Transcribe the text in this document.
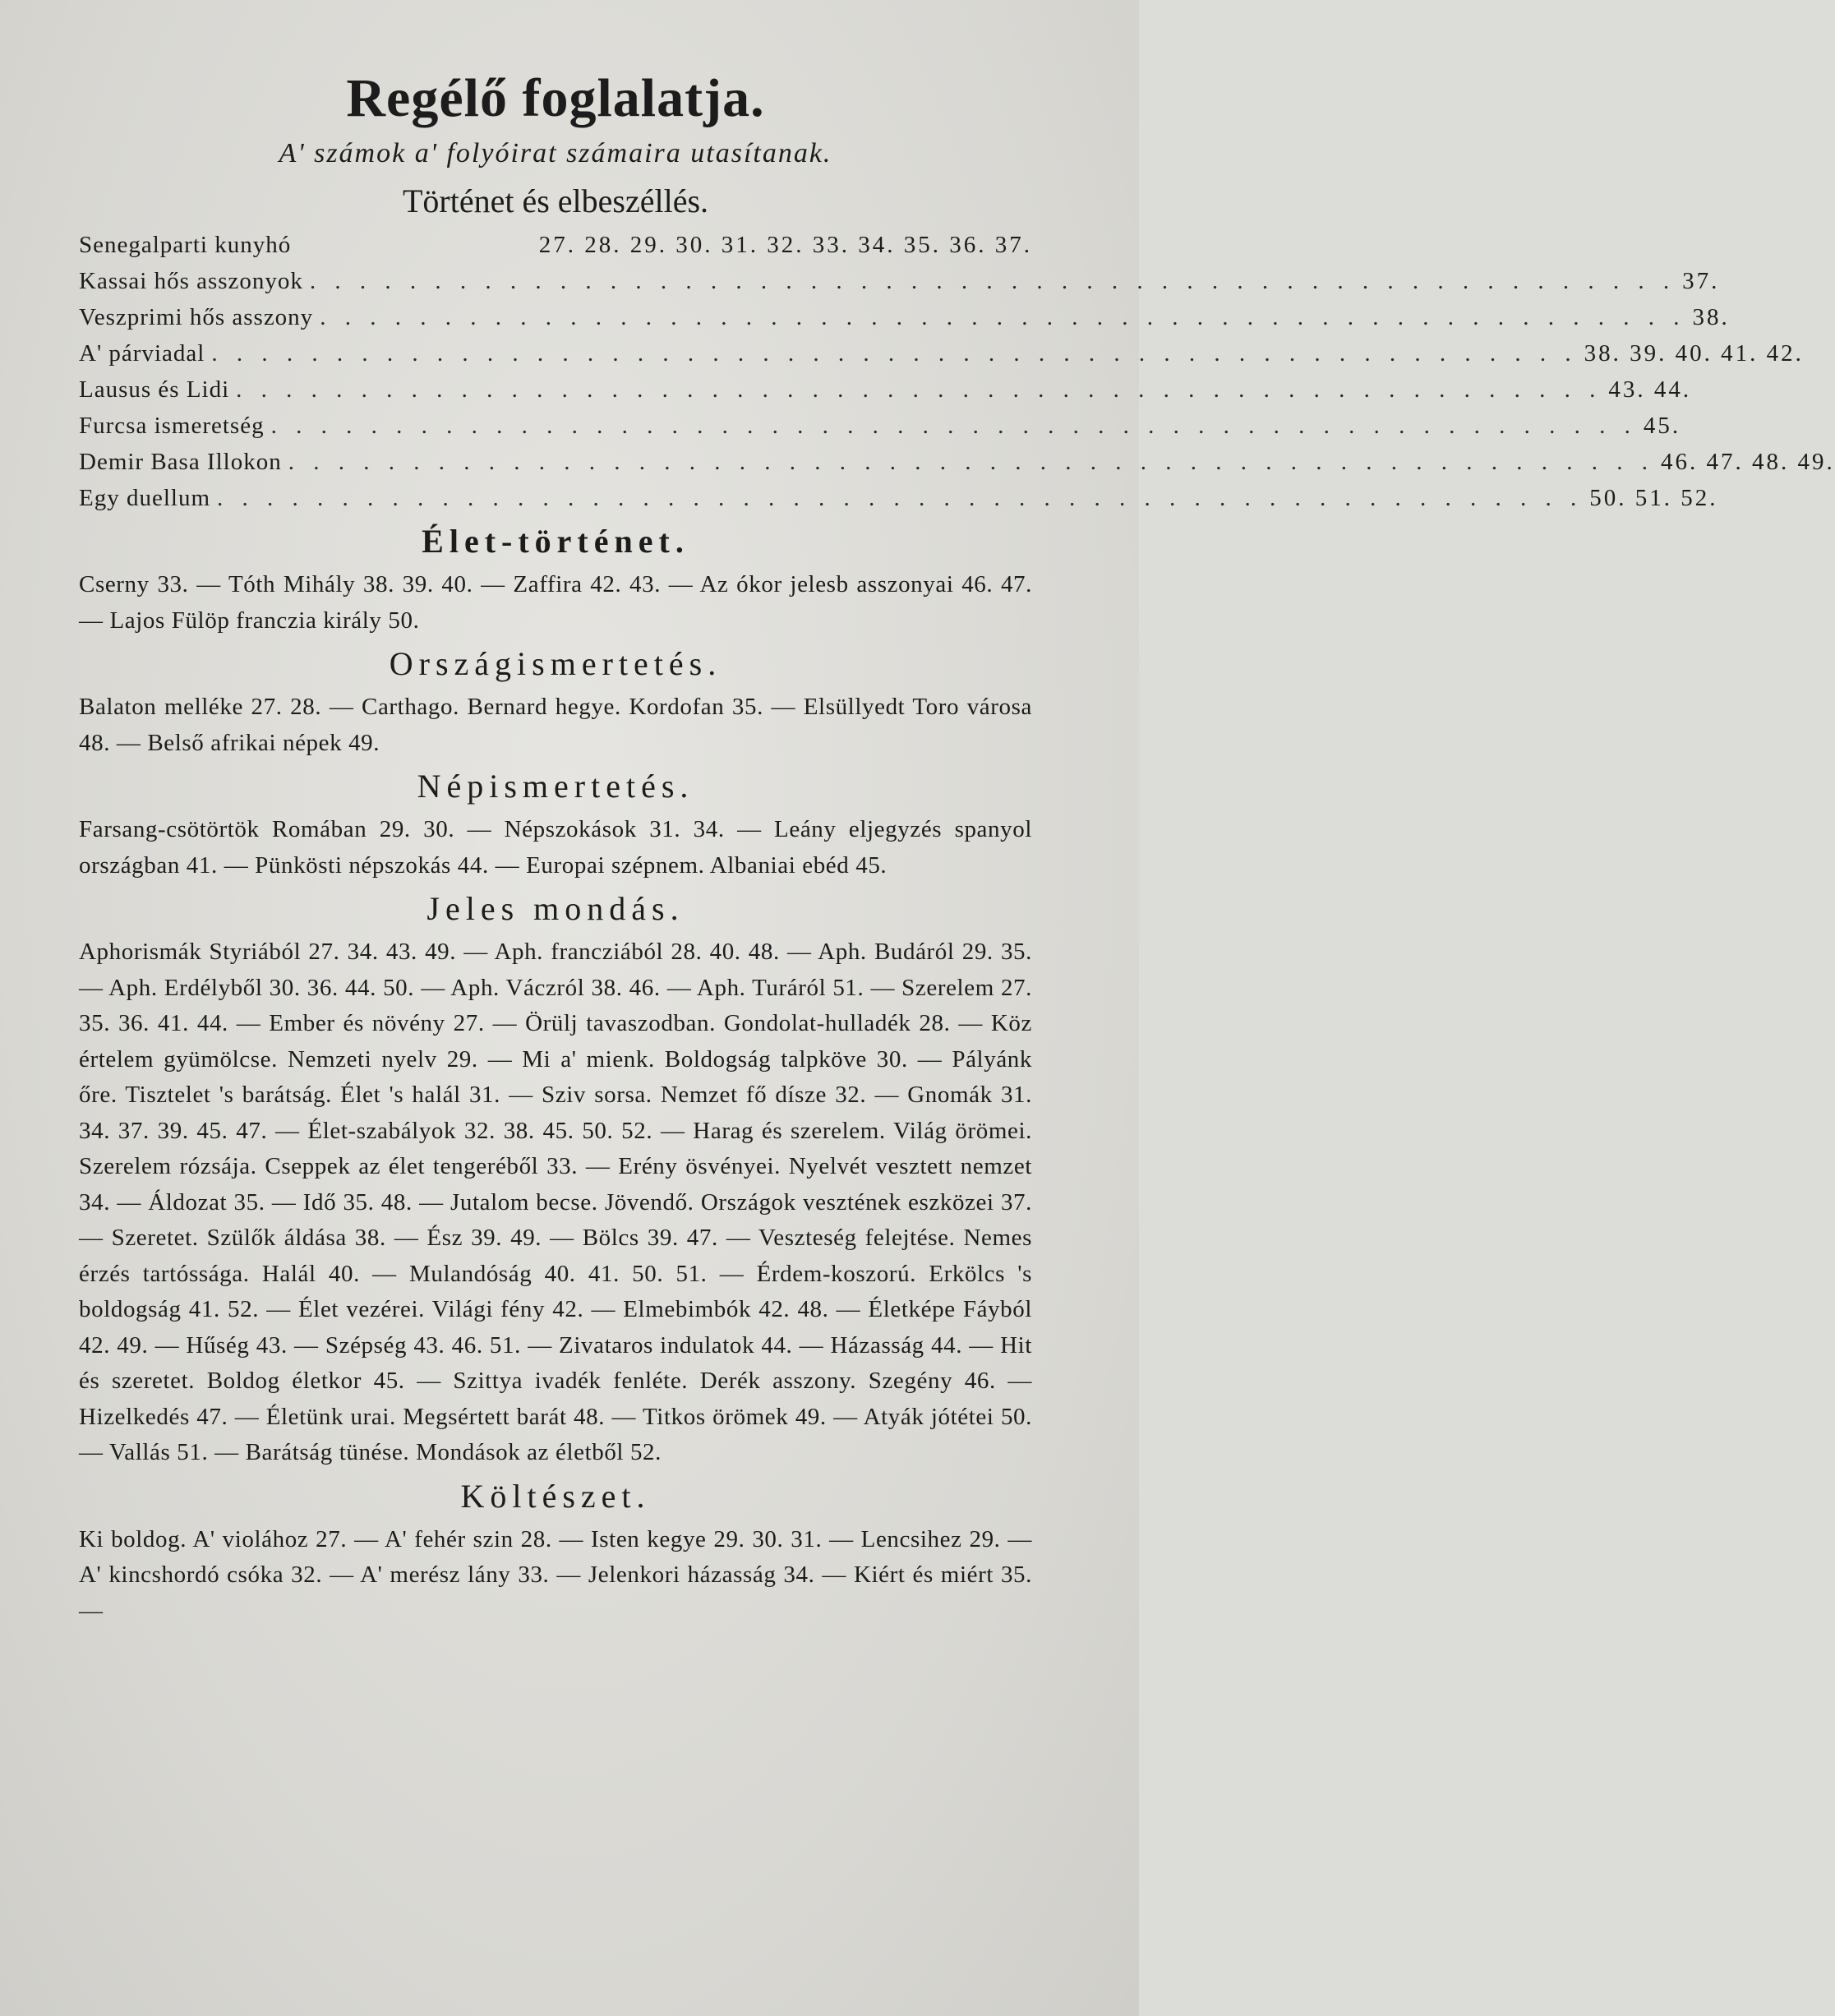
Regélő foglalatja.

A' számok a' folyóirat számaira utasítanak.

Történet és elbeszéllés.
Senegalparti kunyhó	27. 28. 29. 30. 31. 32. 33. 34. 35. 36. 37.
Kassai hős asszonyok . . . . . . . . . . . . . . . . . . . . . . . . . . . . . . . . . . . . . . . . . . . . . . . . . . . . . . . 37.
Veszprimi hős asszony . . . . . . . . . . . . . . . . . . . . . . . . . . . . . . . . . . . . . . . . . . . . . . . . . . . . . . . 38.
A' párviadal . . . . . . . . . . . . . . . . . . . . . . . . . . . . . . . . . . . . . . . . . . . . . . . . . . . . . . . 38. 39. 40. 41. 42.
Lausus és Lidi . . . . . . . . . . . . . . . . . . . . . . . . . . . . . . . . . . . . . . . . . . . . . . . . . . . . . . . 43. 44.
Furcsa ismeretség . . . . . . . . . . . . . . . . . . . . . . . . . . . . . . . . . . . . . . . . . . . . . . . . . . . . . . . 45.
Demir Basa Illokon . . . . . . . . . . . . . . . . . . . . . . . . . . . . . . . . . . . . . . . . . . . . . . . . . . . . . . . 46. 47. 48. 49.
Egy duellum . . . . . . . . . . . . . . . . . . . . . . . . . . . . . . . . . . . . . . . . . . . . . . . . . . . . . . . 50. 51. 52.
Élet-történet.

Cserny 33. — Tóth Mihály 38. 39. 40. — Zaffira 42. 43. — Az ókor jelesb asszonyai 46. 47. — Lajos Fülöp franczia király 50.

Országismertetés.

Balaton melléke 27. 28. — Carthago. Bernard hegye. Kordofan 35. — Elsüllyedt Toro városa 48. — Belső afrikai népek 49.

Népismertetés.

Farsang-csötörtök Romában 29. 30. — Népszokások 31. 34. — Leány eljegyzés spanyol országban 41. — Pünkösti népszokás 44. — Europai szépnem. Albaniai ebéd 45.

Jeles mondás.

Aphorismák Styriából 27. 34. 43. 49. — Aph. francziából 28. 40. 48. — Aph. Budáról 29. 35. — Aph. Erdélyből 30. 36. 44. 50. — Aph. Váczról 38. 46. — Aph. Turáról 51. — Szerelem 27. 35. 36. 41. 44. — Ember és növény 27. — Örülj tavaszodban. Gondolat-hulladék 28. — Köz értelem gyümölcse. Nemzeti nyelv 29. — Mi a' mienk. Boldogság talpköve 30. — Pályánk őre. Tisztelet 's barátság. Élet 's halál 31. — Sziv sorsa. Nemzet fő dísze 32. — Gnomák 31. 34. 37. 39. 45. 47. — Élet-szabályok 32. 38. 45. 50. 52. — Harag és szerelem. Világ örömei. Szerelem rózsája. Cseppek az élet tengeréből 33. — Erény ösvényei. Nyelvét vesztett nemzet 34. — Áldozat 35. — Idő 35. 48. — Jutalom becse. Jövendő. Országok vesztének eszközei 37. — Szeretet. Szülők áldása 38. — Ész 39. 49. — Bölcs 39. 47. — Veszteség felejtése. Nemes érzés tartóssága. Halál 40. — Mulandóság 40. 41. 50. 51. — Érdem-koszorú. Erkölcs 's boldogság 41. 52. — Élet vezérei. Világi fény 42. — Elmebimbók 42. 48. — Életképe Fáyból 42. 49. — Hűség 43. — Szépség 43. 46. 51. — Zivataros indulatok 44. — Házasság 44. — Hit és szeretet. Boldog életkor 45. — Szittya ivadék fenléte. Derék asszony. Szegény 46. — Hizelkedés 47. — Életünk urai. Megsértett barát 48. — Titkos örömek 49. — Atyák jótétei 50. — Vallás 51. — Barátság tünése. Mondások az életből 52.

Költészet.

Ki boldog. A' violához 27. — A' fehér szin 28. — Isten kegye 29. 30. 31. — Lencsihez 29. — A' kincshordó csóka 32. — A' merész lány 33. — Jelenkori házasság 34. — Kiért és miért 35. —
